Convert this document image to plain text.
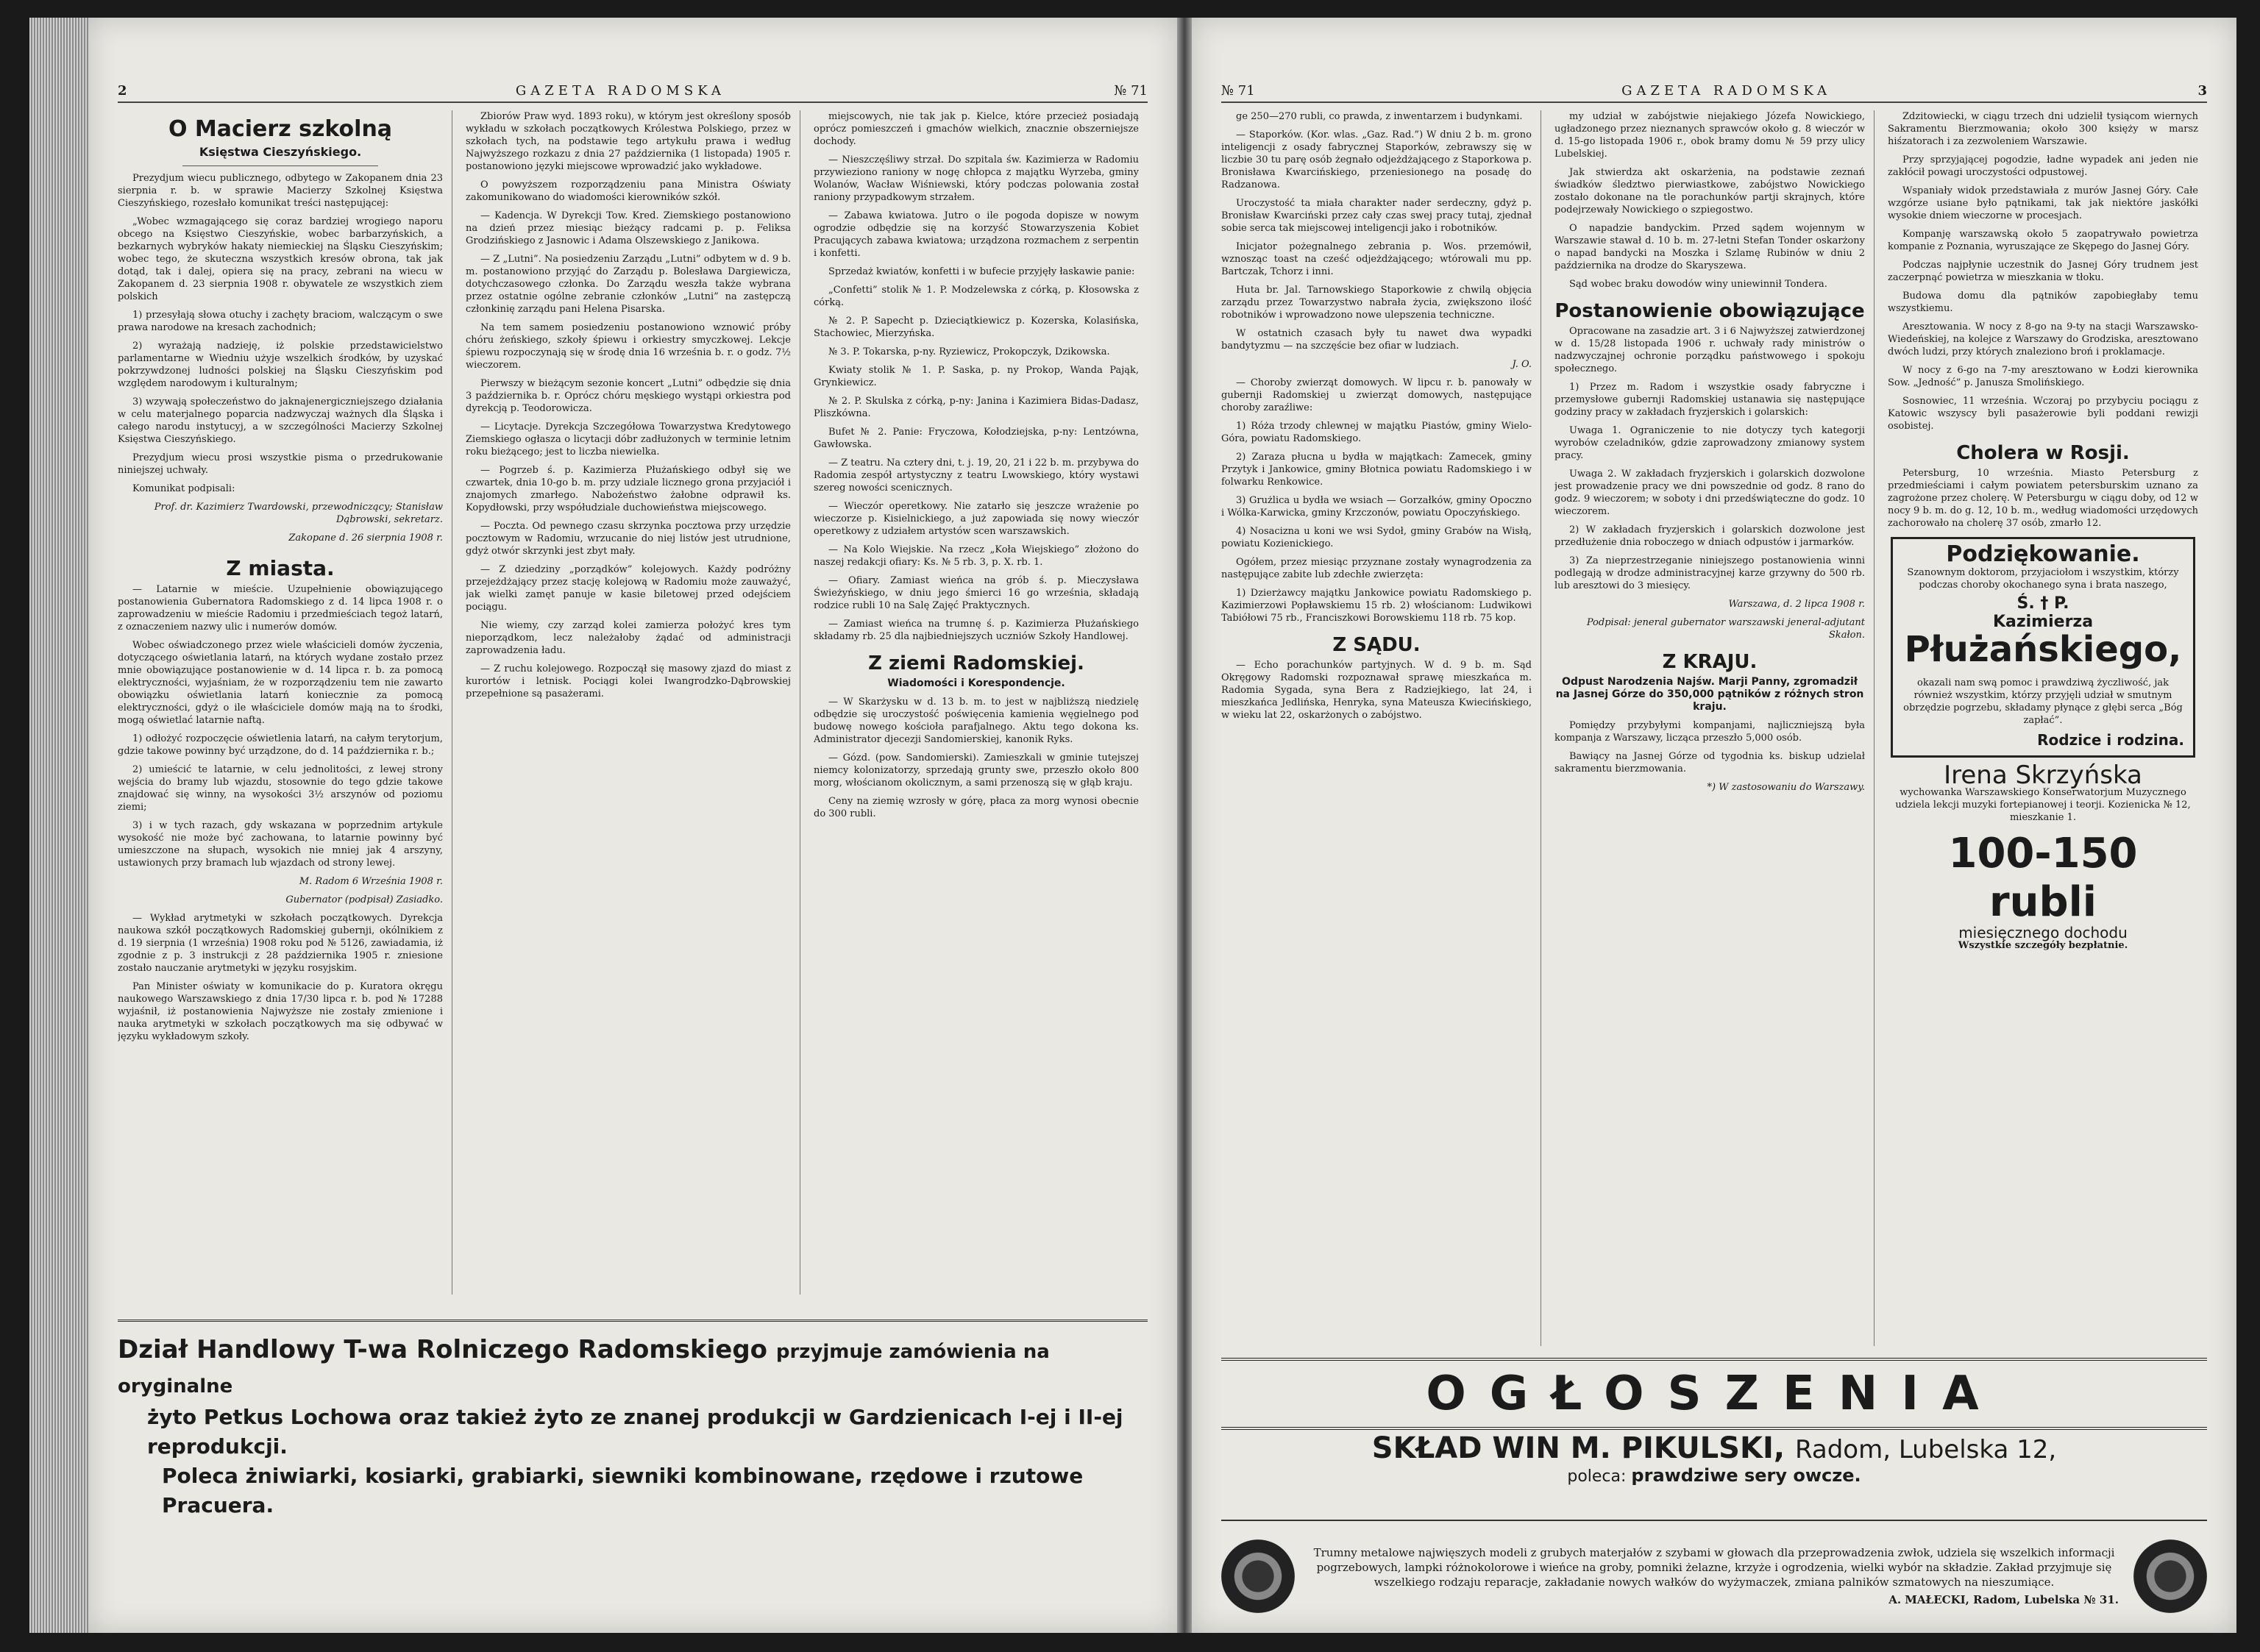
2	GAZETA RADOMSKA	№ 71
O Macierz szkolną
Księstwa Cieszyńskiego.

Prezydjum wiecu publicznego, odbytego w Zakopanem dnia 23 sierpnia r. b. w sprawie Macierzy Szkolnej Księstwa Cieszyńskiego, rozesłało komunikat treści następującej:

„Wobec wzmagającego się coraz bardziej wrogiego naporu obcego na Księstwo Cieszyńskie, wobec barbarzyńskich, a bezkarnych wybryków hakaty niemieckiej na Śląsku Cieszyńskim; wobec tego, że skuteczna wszystkich kresów obrona, tak jak dotąd, tak i dalej, opiera się na pracy, zebrani na wiecu w Zakopanem d. 23 sierpnia 1908 r. obywatele ze wszystkich ziem polskich

1) przesyłają słowa otuchy i zachęty braciom, walczącym o swe prawa narodowe na kresach zachodnich;

2) wyrażają nadzieję, iż polskie przedstawicielstwo parlamentarne w Wiedniu użyje wszelkich środków, by uzyskać pokrzywdzonej ludności polskiej na Śląsku Cieszyńskim pod względem narodowym i kulturalnym;

3) wzywają społeczeństwo do jaknajenergiczniejszego działania w celu materjalnego poparcia nadzwyczaj ważnych dla Śląska i całego narodu instytucyj, a w szczególności Macierzy Szkolnej Księstwa Cieszyńskiego.

Prezydjum wiecu prosi wszystkie pisma o przedrukowanie niniejszej uchwały.

Komunikat podpisali:

Prof. dr. Kazimierz Twardowski, przewodniczący; Stanisław Dąbrowski, sekretarz.
Zakopane d. 26 sierpnia 1908 r.
Z miasta.

— Latarnie w mieście. Uzupełnienie obowiązującego postanowienia Gubernatora Radomskiego z d. 14 lipca 1908 r. o zaprowadzeniu w mieście Radomiu i przedmieściach tegoż latarń, z oznaczeniem nazwy ulic i numerów domów.

Wobec oświadczonego przez wiele właścicieli domów życzenia, dotyczącego oświetlania latarń, na których wydane zostało przez mnie obowiązujące postanowienie w d. 14 lipca r. b. za pomocą elektryczności, wyjaśniam, że w rozporządzeniu tem nie zawarto obowiązku oświetlania latarń koniecznie za pomocą elektryczności, gdyż o ile właściciele domów mają na to środki, mogą oświetlać latarnie naftą.

1) odłożyć rozpoczęcie oświetlenia latarń, na całym terytorjum, gdzie takowe powinny być urządzone, do d. 14 października r. b.;

2) umieścić te latarnie, w celu jednolitości, z lewej strony wejścia do bramy lub wjazdu, stosownie do tego gdzie takowe znajdować się winny, na wysokości 3½ arszynów od poziomu ziemi;

3) i w tych razach, gdy wskazana w poprzednim artykule wysokość nie może być zachowana, to latarnie powinny być umieszczone na słupach, wysokich nie mniej jak 4 arszyny, ustawionych przy bramach lub wjazdach od strony lewej.

M. Radom 6 Września 1908 r.
Gubernator (podpisał) Zasiadko.

— Wykład arytmetyki w szkołach początkowych. Dyrekcja naukowa szkół początkowych Radomskiej gubernji, okólnikiem z d. 19 sierpnia (1 września) 1908 roku pod № 5126, zawiadamia, iż zgodnie z p. 3 instrukcji z 28 października 1905 r. zniesione zostało nauczanie arytmetyki w języku rosyjskim.

Pan Minister oświaty w komunikacie do p. Kuratora okręgu naukowego Warszawskiego z dnia 17/30 lipca r. b. pod № 17288 wyjaśnił, iż postanowienia Najwyższe nie zostały zmienione i nauka arytmetyki w szkołach początkowych ma się odbywać w języku wykładowym szkoły.

Zbiorów Praw wyd. 1893 roku), w którym jest określony sposób wykładu w szkołach początkowych Królestwa Polskiego, przez w szkołach tych, na podstawie tego artykułu prawa i według Najwyższego rozkazu z dnia 27 października (1 listopada) 1905 r. postanowiono języki miejscowe wprowadzić jako wykładowe.

O powyższem rozporządzeniu pana Ministra Oświaty zakomunikowano do wiadomości kierowników szkół.

— Kadencja. W Dyrekcji Tow. Kred. Ziemskiego postanowiono na dzień przez miesiąc bieżący radcami p. p. Feliksa Grodzińskiego z Jasnowic i Adama Olszewskiego z Janikowa.

— Z „Lutni”. Na posiedzeniu Zarządu „Lutni” odbytem w d. 9 b. m. postanowiono przyjąć do Zarządu p. Bolesława Dargiewicza, dotychczasowego członka. Do Zarządu weszła także wybrana przez ostatnie ogólne zebranie członków „Lutni” na zastępczą członkinię zarządu pani Helena Pisarska.

Na tem samem posiedzeniu postanowiono wznowić próby chóru żeńskiego, szkoły śpiewu i orkiestry smyczkowej. Lekcje śpiewu rozpoczynają się w środę dnia 16 września b. r. o godz. 7½ wieczorem.

Pierwszy w bieżącym sezonie koncert „Lutni” odbędzie się dnia 3 października b. r. Oprócz chóru męskiego wystąpi orkiestra pod dyrekcją p. Teodorowicza.

— Licytacje. Dyrekcja Szczegółowa Towarzystwa Kredytowego Ziemskiego ogłasza o licytacji dóbr zadłużonych w terminie letnim roku bieżącego; jest to liczba niewielka.

— Pogrzeb ś. p. Kazimierza Płużańskiego odbył się we czwartek, dnia 10-go b. m. przy udziale licznego grona przyjaciół i znajomych zmarłego. Nabożeństwo żałobne odprawił ks. Kopydłowski, przy współudziale duchowieństwa miejscowego.

— Poczta. Od pewnego czasu skrzynka pocztowa przy urzędzie pocztowym w Radomiu, wrzucanie do niej listów jest utrudnione, gdyż otwór skrzynki jest zbyt mały.

— Z dziedziny „porządków” kolejowych. Każdy podróżny przejeżdżający przez stację kolejową w Radomiu może zauważyć, jak wielki zamęt panuje w kasie biletowej przed odejściem pociągu.

Nie wiemy, czy zarząd kolei zamierza położyć kres tym nieporządkom, lecz należałoby żądać od administracji zaprowadzenia ładu.

— Z ruchu kolejowego. Rozpoczął się masowy zjazd do miast z kurortów i letnisk. Pociągi kolei Iwangrodzko-Dąbrowskiej przepełnione są pasażerami.

miejscowych, nie tak jak p. Kielce, które przecież posiadają oprócz pomieszczeń i gmachów wielkich, znacznie obszerniejsze dochody.

— Nieszczęśliwy strzał. Do szpitala św. Kazimierza w Radomiu przywieziono raniony w nogę chłopca z majątku Wyrzeba, gminy Wolanów, Wacław Wiśniewski, który podczas polowania został raniony przypadkowym strzałem.

— Zabawa kwiatowa. Jutro o ile pogoda dopisze w nowym ogrodzie odbędzie się na korzyść Stowarzyszenia Kobiet Pracujących zabawa kwiatowa; urządzona rozmachem z serpentin i konfetti.

Sprzedaż kwiatów, konfetti i w bufecie przyjęły łaskawie panie:

„Confetti” stolik № 1. P. Modzelewska z córką, p. Kłosowska z córką.

№ 2. P. Sapecht p. Dzieciątkiewicz p. Kozerska, Kolasińska, Stachowiec, Mierzyńska.

№ 3. P. Tokarska, p-ny. Ryziewicz, Prokopczyk, Dzikowska.

Kwiaty stolik № 1. P. Saska, p. ny Prokop, Wanda Pająk, Grynkiewicz.

№ 2. P. Skulska z córką, p-ny: Janina i Kazimiera Bidas-Dadasz, Pliszkówna.

Bufet № 2. Panie: Fryczowa, Kołodziejska, p-ny: Lentzówna, Gawłowska.

— Z teatru. Na cztery dni, t. j. 19, 20, 21 i 22 b. m. przybywa do Radomia zespół artystyczny z teatru Lwowskiego, który wystawi szereg nowości scenicznych.

— Wieczór operetkowy. Nie zatarło się jeszcze wrażenie po wieczorze p. Kisielnickiego, a już zapowiada się nowy wieczór operetkowy z udziałem artystów scen warszawskich.

— Na Kolo Wiejskie. Na rzecz „Koła Wiejskiego” złożono do naszej redakcji ofiary: Ks. № 5 rb. 3, p. X. rb. 1.

— Ofiary. Zamiast wieńca na grób ś. p. Mieczysława Świeżyńskiego, w dniu jego śmierci 16 go września, składają rodzice rubli 10 na Salę Zajęć Praktycznych.

— Zamiast wieńca na trumnę ś. p. Kazimierza Płużańskiego składamy rb. 25 dla najbiedniejszych uczniów Szkoły Handlowej.

Z ziemi Radomskiej.
Wiadomości i Korespondencje.

— W Skarżysku w d. 13 b. m. to jest w najbliższą niedzielę odbędzie się uroczystość poświęcenia kamienia węgielnego pod budowę nowego kościoła parafjalnego. Aktu tego dokona ks. Administrator djecezji Sandomierskiej, kanonik Ryks.

— Gózd. (pow. Sandomierski). Zamieszkali w gminie tutejszej niemcy kolonizatorzy, sprzedają grunty swe, przeszło około 800 morg, włościanom okolicznym, a sami przenoszą się w głąb kraju.

Ceny na ziemię wzrosły w górę, płaca za morg wynosi obecnie do 300 rubli.

Dział Handlowy T-wa Rolniczego Radomskiego przyjmuje zamówienia na oryginalne
żyto Petkus Lochowa oraz takież żyto ze znanej produkcji w Gardzienicach I-ej i II-ej reprodukcji.
Poleca żniwiarki, kosiarki, grabiarki, siewniki kombinowane, rzędowe i rzutowe Pracuera.
№ 71	GAZETA RADOMSKA	3

ge 250—270 rubli, co prawda, z inwentarzem i budynkami.

— Staporków. (Kor. wlas. „Gaz. Rad.”) W dniu 2 b. m. grono inteligencji z osady fabrycznej Staporków, zebrawszy się w liczbie 30 tu parę osób żegnało odjeżdżającego z Staporkowa p. Bronisława Kwarcińskiego, przeniesionego na posadę do Radzanowa.

Uroczystość ta miała charakter nader serdeczny, gdyż p. Bronisław Kwarciński przez cały czas swej pracy tutaj, zjednał sobie serca tak miejscowej inteligencji jako i robotników.

Inicjator pożegnalnego zebrania p. Wos. przemówił, wznosząc toast na cześć odjeżdżającego; wtórowali mu pp. Bartczak, Tchorz i inni.

Huta br. Jal. Tarnowskiego Staporkowie z chwilą objęcia zarządu przez Towarzystwo nabrała życia, zwiększono ilość robotników i wprowadzono nowe ulepszenia techniczne.

W ostatnich czasach były tu nawet dwa wypadki bandytyzmu — na szczęście bez ofiar w ludziach.

J. O.

— Choroby zwierząt domowych. W lipcu r. b. panowały w gubernji Radomskiej u zwierząt domowych, następujące choroby zaraźliwe:

1) Róża trzody chlewnej w majątku Piastów, gminy Wielo-Góra, powiatu Radomskiego.

2) Zaraza płucna u bydła w majątkach: Zamecek, gminy Przytyk i Jankowice, gminy Błotnica powiatu Radomskiego i w folwarku Renkowice.

3) Grużlica u bydła we wsiach — Gorzałków, gminy Opoczno i Wólka-Karwicka, gminy Krzczonów, powiatu Opoczyńskiego.

4) Nosacizna u koni we wsi Sydoł, gminy Grabów na Wisłą, powiatu Kozienickiego.

Ogółem, przez miesiąc przyznane zostały wynagrodzenia za następujące zabite lub zdechłe zwierzęta:

1) Dzierżawcy majątku Jankowice powiatu Radomskiego p. Kazimierzowi Popławskiemu 15 rb. 2) włościanom: Ludwikowi Tabiółowi 75 rb., Franciszkowi Borowskiemu 118 rb. 75 kop.

Z SĄDU.

— Echo porachunków partyjnych. W d. 9 b. m. Sąd Okręgowy Radomski rozpoznawał sprawę mieszkańca m. Radomia Sygada, syna Bera z Radziejkiego, lat 24, i mieszkańca Jedlińska, Henryka, syna Mateusza Kwiecińskiego, w wieku lat 22, oskarżonych o zabójstwo.

my udział w zabójstwie niejakiego Józefa Nowickiego, ugładzonego przez nieznanych sprawców około g. 8 wieczór w d. 15-go listopada 1906 r., obok bramy domu № 59 przy ulicy Lubelskiej.

Jak stwierdza akt oskarżenia, na podstawie zeznań świadków śledztwo pierwiastkowe, zabójstwo Nowickiego zostało dokonane na tle porachunków partji skrajnych, które podejrzewały Nowickiego o szpiegostwo.

O napadzie bandyckim. Przed sądem wojennym w Warszawie stawał d. 10 b. m. 27-letni Stefan Tonder oskarżony o napad bandycki na Moszka i Szlamę Rubinów w dniu 2 października na drodze do Skaryszewa.

Sąd wobec braku dowodów winy uniewinnił Tondera.

Postanowienie obowiązujące

Opracowane na zasadzie art. 3 i 6 Najwyższej zatwierdzonej w d. 15/28 listopada 1906 r. uchwały rady ministrów o nadzwyczajnej ochronie porządku państwowego i spokoju społecznego.

1) Przez m. Radom i wszystkie osady fabryczne i przemysłowe gubernji Radomskiej ustanawia się następujące godziny pracy w zakładach fryzjerskich i golarskich:

Uwaga 1. Ograniczenie to nie dotyczy tych kategorji wyrobów czeladników, gdzie zaprowadzony zmianowy system pracy.

Uwaga 2. W zakładach fryzjerskich i golarskich dozwolone jest prowadzenie pracy we dni powszednie od godz. 8 rano do godz. 9 wieczorem; w soboty i dni przedświąteczne do godz. 10 wieczorem.

2) W zakładach fryzjerskich i golarskich dozwolone jest przedłużenie dnia roboczego w dniach odpustów i jarmarków.

3) Za nieprzestrzeganie niniejszego postanowienia winni podlegają w drodze administracyjnej karze grzywny do 500 rb. lub aresztowi do 3 miesięcy.

Warszawa, d. 2 lipca 1908 r.
Podpisał: jeneral gubernator warszawski jeneral-adjutant Skałon.
Z KRAJU.
Odpust Narodzenia Najśw. Marji Panny, zgromadził na Jasnej Górze do 350,000 pątników z różnych stron kraju.

Pomiędzy przybyłymi kompanjami, najliczniejszą była kompanja z Warszawy, licząca przeszło 5,000 osób.

Bawiący na Jasnej Górze od tygodnia ks. biskup udzielał sakramentu bierzmowania.

*) W zastosowaniu do Warszawy.

Zdzitowiecki, w ciągu trzech dni udzielił tysiącom wiernych Sakramentu Bierzmowania; około 300 księży w marsz hiśzatorach i za zezwoleniem Warszawie.

Przy sprzyjającej pogodzie, ładne wypadek ani jeden nie zakłócił powagi uroczystości odpustowej.

Wspaniały widok przedstawiała z murów Jasnej Góry. Całe wzgórze usiane było pątnikami, tak jak niektóre jaskółki wysokie dniem wieczorne w procesjach.

Kompanję warszawską około 5 zaopatrywało powietrza kompanie z Poznania, wyruszające ze Skępego do Jasnej Góry.

Podczas najpłynie uczestnik do Jasnej Góry trudnem jest zaczerpnąć powietrza w mieszkania w tłoku.

Budowa domu dla pątników zapobiegłaby temu wszystkiemu.

Aresztowania. W nocy z 8-go na 9-ty na stacji Warszawsko-Wiedeńskiej, na kolejce z Warszawy do Grodziska, aresztowano dwóch ludzi, przy których znaleziono broń i proklamacje.

W nocy z 6-go na 7-my aresztowano w Łodzi kierownika Sow. „Jedność” p. Janusza Smolińskiego.

Sosnowiec, 11 września. Wczoraj po przybyciu pociągu z Katowic wszyscy byli pasażerowie byli poddani rewizji osobistej.

Cholera w Rosji.

Petersburg, 10 września. Miasto Petersburg z przedmieściami i całym powiatem petersburskim uznano za zagrożone przez cholerę. W Petersburgu w ciągu doby, od 12 w nocy 9 b. m. do g. 12, 10 b. m., według wiadomości urzędowych zachorowało na cholerę 37 osób, zmarło 12.

Podziękowanie.
Szanownym doktorom, przyjaciołom i wszystkim, którzy podczas choroby okochanego syna i brata naszego,
Ś. † P.
Kazimierza
Płużańskiego,
okazali nam swą pomoc i prawdziwą życzliwość, jak również wszystkim, którzy przyjęli udział w smutnym obrzędzie pogrzebu, składamy płynące z głębi serca „Bóg zapłać”.
Rodzice i rodzina.
Irena Skrzyńska

wychowanka Warszawskiego Konserwatorjum Muzycznego udziela lekcji muzyki fortepianowej i teorji. Kozienicka № 12, mieszkanie 1.

100-150 rubli
miesięcznego dochodu

Wszystkie szczegóły bezpłatnie.

OGŁOSZENIA
SKŁAD WIN M. PIKULSKI, Radom, Lubelska 12,
poleca: prawdziwe sery owcze.
Trumny metalowe najwięszych modeli z grubych materjałów z szybami w głowach dla przeprowadzenia zwłok, udziela się wszelkich informacji pogrzebowych, lampki różnokolorowe i wieńce na groby, pomniki żelazne, krzyże i ogrodzenia, wielki wybór na składzie. Zakład przyjmuje się wszelkiego rodzaju reparacje, zakładanie nowych wałków do wyżymaczek, zmiana palników szmatowych na nieszumiące.
A. MAŁECKI, Radom, Lubelska № 31.
